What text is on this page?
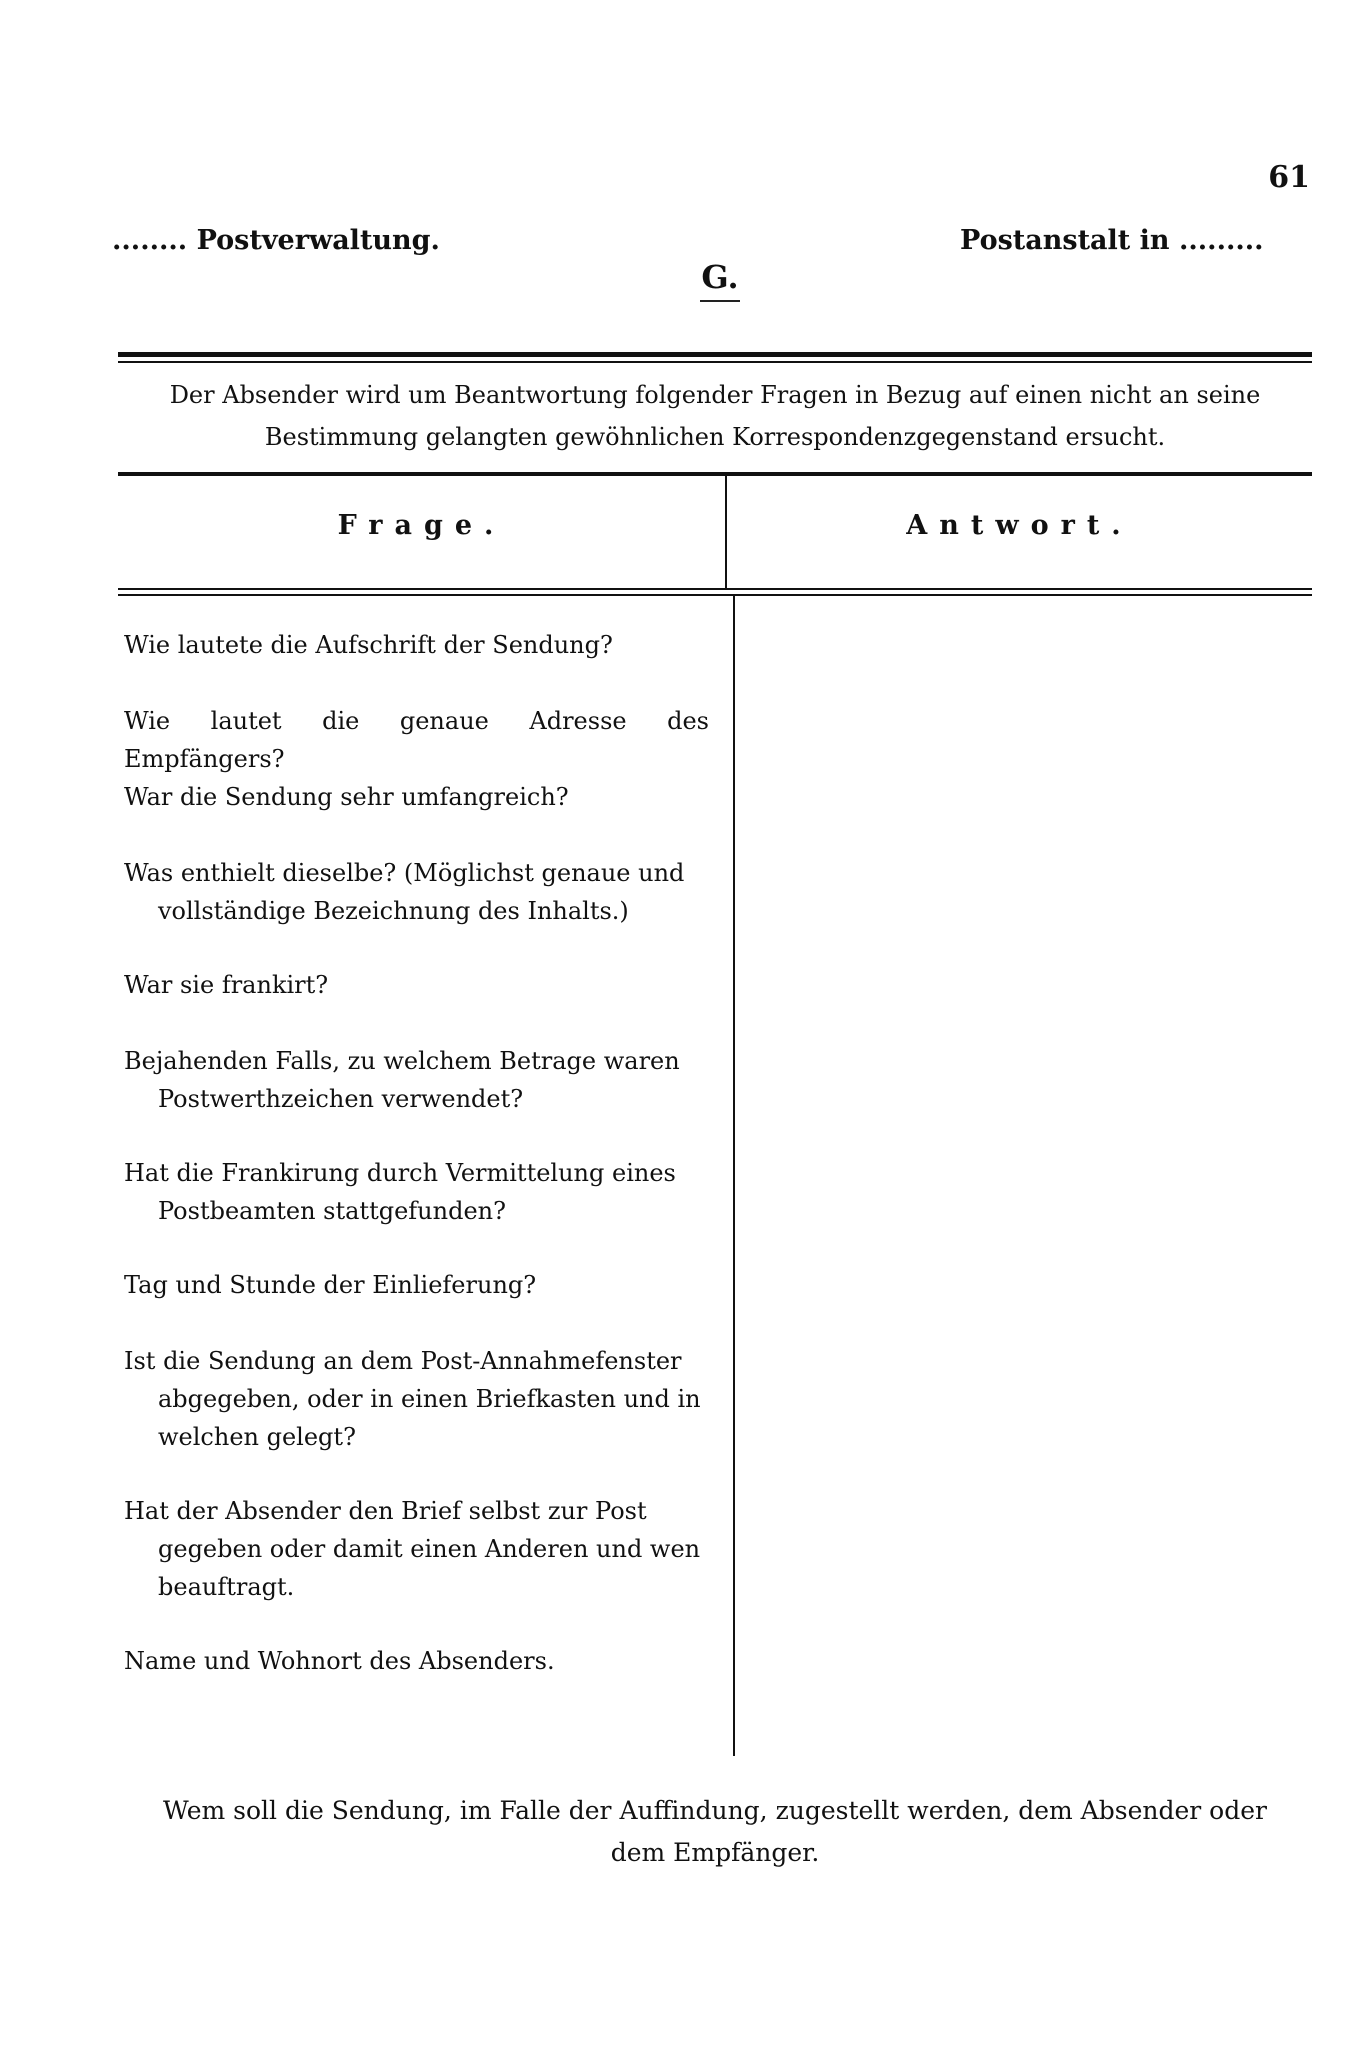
61
........ Postverwaltung.
G.
Postanstalt in .........
Der Absender wird um Beantwortung folgender Fragen in Bezug auf einen nicht an seine Bestimmung gelangten gewöhnlichen Korrespondenzgegenstand ersucht.
Frage.	Antwort.
Wie lautete die Aufschrift der Sendung?
Wie lautet die genaue Adresse des Empfängers?
War die Sendung sehr umfangreich?
Was enthielt dieselbe? (Möglichst genaue und
vollständige Bezeichnung des Inhalts.)
War sie frankirt?
Bejahenden Falls, zu welchem Betrage waren
Postwerthzeichen verwendet?
Hat die Frankirung durch Vermittelung eines
Postbeamten stattgefunden?
Tag und Stunde der Einlieferung?
Ist die Sendung an dem Post-Annahmefenster
abgegeben, oder in einen Briefkasten und in
welchen gelegt?
Hat der Absender den Brief selbst zur Post
gegeben oder damit einen Anderen und wen
beauftragt.
Name und Wohnort des Absenders.
Wem soll die Sendung, im Falle der Auffindung, zugestellt werden, dem Absender oder dem Empfänger.
